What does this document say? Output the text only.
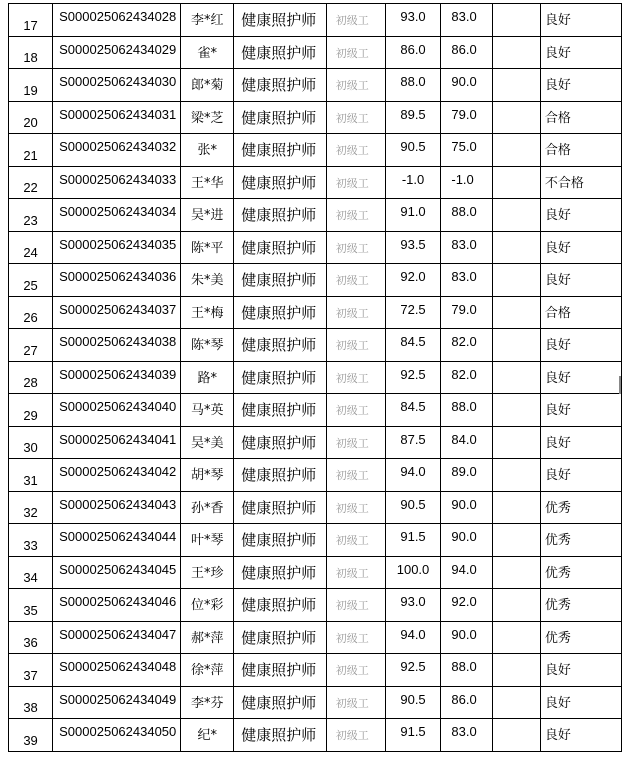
17	S000025062434028	李*红	健康照护师	初级工	93.0	83.0		良好
18	S000025062434029	雀*	健康照护师	初级工	86.0	86.0		良好
19	S000025062434030	郎*菊	健康照护师	初级工	88.0	90.0		良好
20	S000025062434031	梁*芝	健康照护师	初级工	89.5	79.0		合格
21	S000025062434032	张*	健康照护师	初级工	90.5	75.0		合格
22	S000025062434033	王*华	健康照护师	初级工	-1.0	-1.0		不合格
23	S000025062434034	吴*进	健康照护师	初级工	91.0	88.0		良好
24	S000025062434035	陈*平	健康照护师	初级工	93.5	83.0		良好
25	S000025062434036	朱*美	健康照护师	初级工	92.0	83.0		良好
26	S000025062434037	王*梅	健康照护师	初级工	72.5	79.0		合格
27	S000025062434038	陈*琴	健康照护师	初级工	84.5	82.0		良好
28	S000025062434039	路*	健康照护师	初级工	92.5	82.0		良好
29	S000025062434040	马*英	健康照护师	初级工	84.5	88.0		良好
30	S000025062434041	吴*美	健康照护师	初级工	87.5	84.0		良好
31	S000025062434042	胡*琴	健康照护师	初级工	94.0	89.0		良好
32	S000025062434043	孙*香	健康照护师	初级工	90.5	90.0		优秀
33	S000025062434044	叶*琴	健康照护师	初级工	91.5	90.0		优秀
34	S000025062434045	王*珍	健康照护师	初级工	100.0	94.0		优秀
35	S000025062434046	位*彩	健康照护师	初级工	93.0	92.0		优秀
36	S000025062434047	郝*萍	健康照护师	初级工	94.0	90.0		优秀
37	S000025062434048	徐*萍	健康照护师	初级工	92.5	88.0		良好
38	S000025062434049	李*芬	健康照护师	初级工	90.5	86.0		良好
39	S000025062434050	纪*	健康照护师	初级工	91.5	83.0		良好
